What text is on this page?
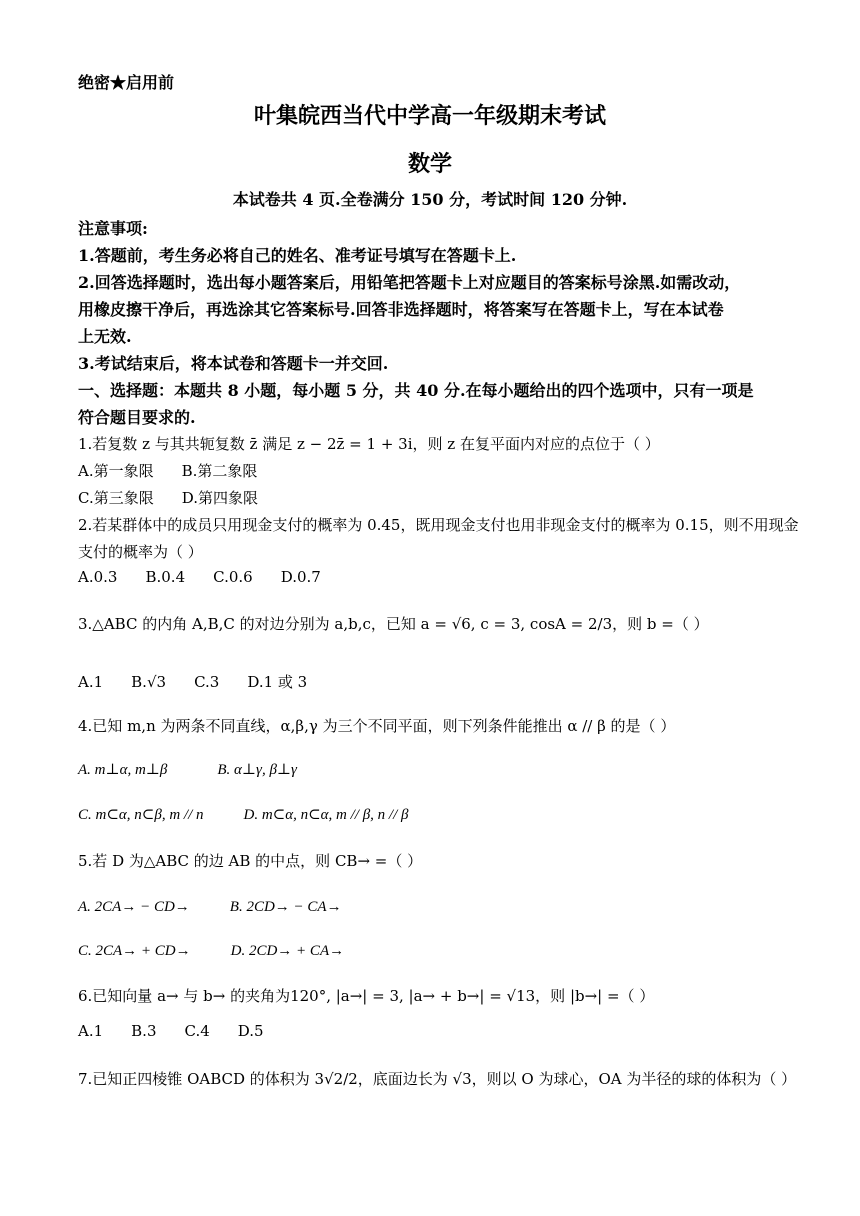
绝密★启用前
叶集皖西当代中学高一年级期末考试
数学
本试卷共 4 页.全卷满分 150 分，考试时间 120 分钟.
注意事项:
1.答题前，考生务必将自己的姓名、准考证号填写在答题卡上.
2.回答选择题时，选出每小题答案后，用铅笔把答题卡上对应题目的答案标号涂黑.如需改动，
用橡皮擦干净后，再选涂其它答案标号.回答非选择题时，将答案写在答题卡上，写在本试卷
上无效.
3.考试结束后，将本试卷和答题卡一并交回.
一、选择题：本题共 8 小题，每小题 5 分，共 40 分.在每小题给出的四个选项中，只有一项是
符合题目要求的.
1.若复数 z 与其共轭复数 z̄ 满足 z − 2z̄ = 1 + 3i，则 z 在复平面内对应的点位于（ ）
A.第一象限 B.第二象限
C.第三象限 D.第四象限
2.若某群体中的成员只用现金支付的概率为 0.45，既用现金支付也用非现金支付的概率为 0.15，则不用现金
支付的概率为（ ）
A.0.3 B.0.4 C.0.6 D.0.7
3.△ABC 的内角 A,B,C 的对边分别为 a,b,c，已知 a = √6, c = 3, cosA = 2/3，则 b =（ ）
A.1 B.√3 C.3 D.1 或 3
4.已知 m,n 为两条不同直线，α,β,γ 为三个不同平面，则下列条件能推出 α // β 的是（ ）
A. m⊥α, m⊥β	B. α⊥γ, β⊥γ
C. m⊂α, n⊂β, m // n	D. m⊂α, n⊂α, m // β, n // β
5.若 D 为△ABC 的边 AB 的中点，则 CB→ =（ ）
A. 2CA→ − CD→	B. 2CD→ − CA→
C. 2CA→ + CD→	D. 2CD→ + CA→
6.已知向量 a→ 与 b→ 的夹角为120°, |a→| = 3, |a→ + b→| = √13，则 |b→| =（ ）
A.1 B.3 C.4 D.5
7.已知正四棱锥 OABCD 的体积为 3√2/2，底面边长为 √3，则以 O 为球心，OA 为半径的球的体积为（ ）
